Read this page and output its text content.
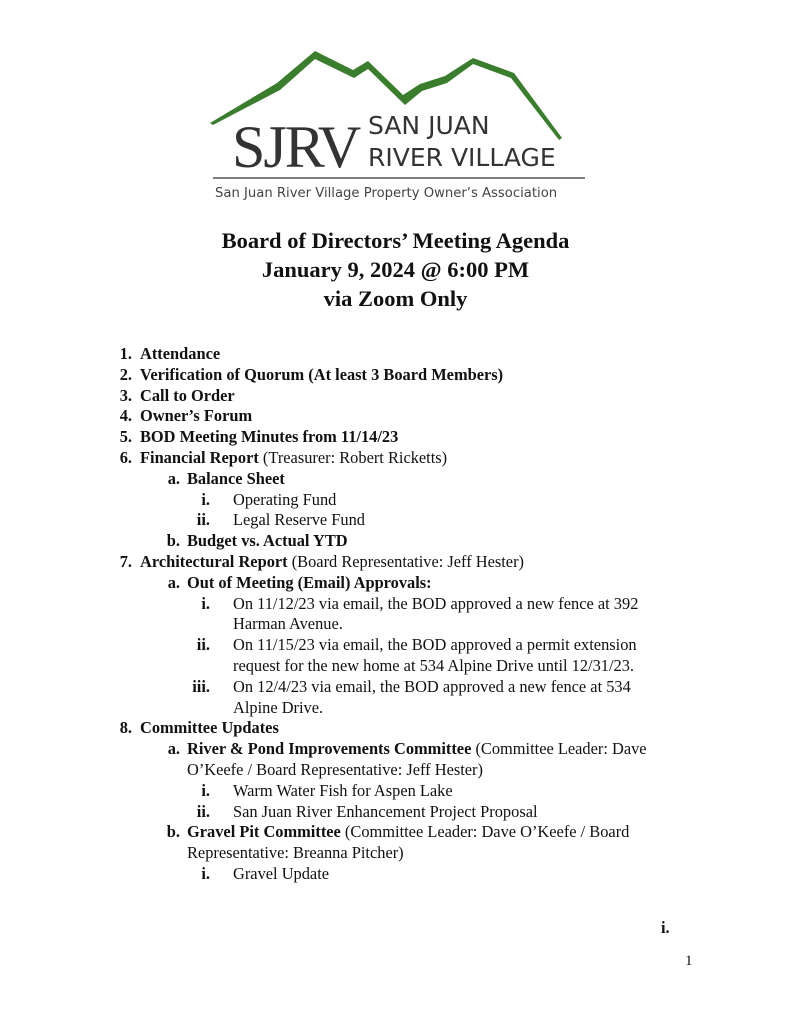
SJRV SAN JUAN
RIVER VILLAGE
San Juan River Village Property Owner’s Association
Board of Directors’ Meeting Agenda
January 9, 2024 @ 6:00 PM
via Zoom Only
1. Attendance
2. Verification of Quorum (At least 3 Board Members)
3. Call to Order
4. Owner’s Forum
5. BOD Meeting Minutes from 11/14/23
6. Financial Report (Treasurer: Robert Ricketts)
a. Balance Sheet
i. Operating Fund
ii. Legal Reserve Fund
b. Budget vs. Actual YTD
7. Architectural Report (Board Representative: Jeff Hester)
a. Out of Meeting (Email) Approvals:
i. On 11/12/23 via email, the BOD approved a new fence at 392
Harman Avenue.
ii. On 11/15/23 via email, the BOD approved a permit extension
request for the new home at 534 Alpine Drive until 12/31/23.
iii. On 12/4/23 via email, the BOD approved a new fence at 534
Alpine Drive.
8. Committee Updates
a. River & Pond Improvements Committee (Committee Leader: Dave
O’Keefe / Board Representative: Jeff Hester)
i. Warm Water Fish for Aspen Lake
ii. San Juan River Enhancement Project Proposal
b. Gravel Pit Committee (Committee Leader: Dave O’Keefe / Board
Representative: Breanna Pitcher)
i. Gravel Update
i.
1
